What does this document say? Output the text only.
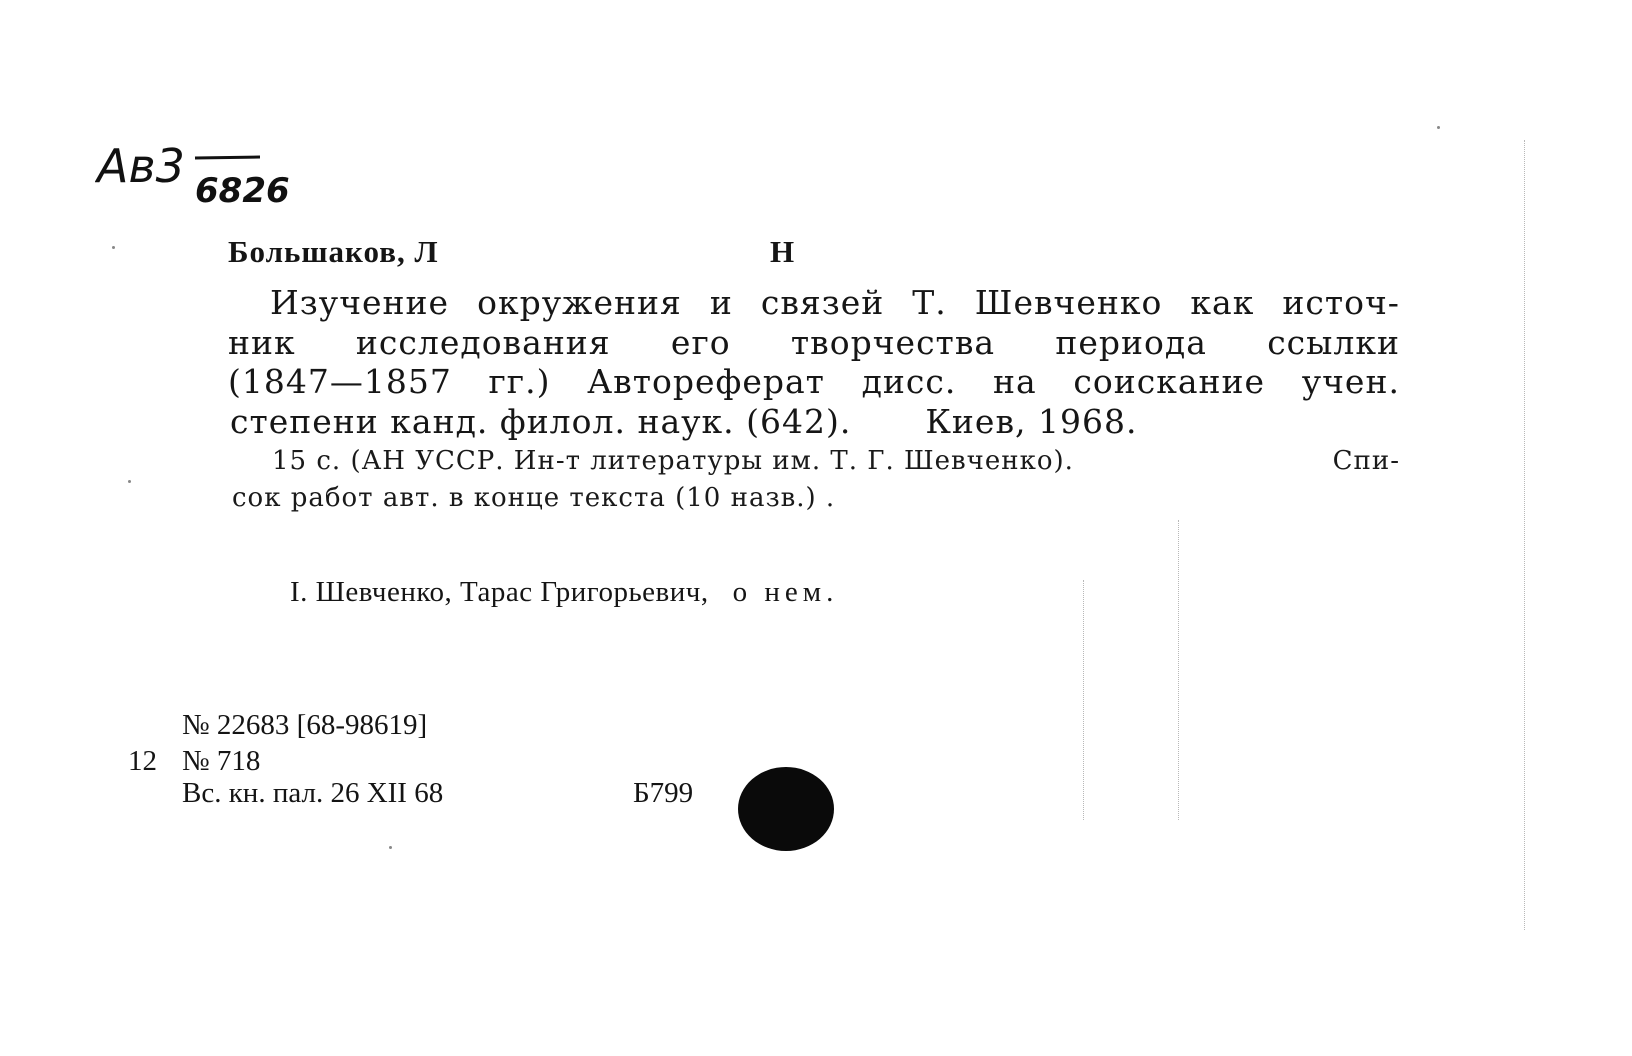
Ав3 6826
Большаков, Л	Н
Изучение окружения и связей Т. Шевченко как источ-
ник исследования его творчества периода ссылки
(1847—1857 гг.) Автореферат дисс. на соискание учен.
степени канд. филол. наук. (642). Киев, 1968.
15 с. (АН УССР. Ин-т литературы им. Т. Г. Шевченко).	Спи-
сок работ авт. в конце текста (10 назв.) .
I. Шевченко, Тарас Григорьевич, о нем.
№ 22683 [68-98619]
12 № 718
Вс. кн. пал. 26 XII 68	Б799
